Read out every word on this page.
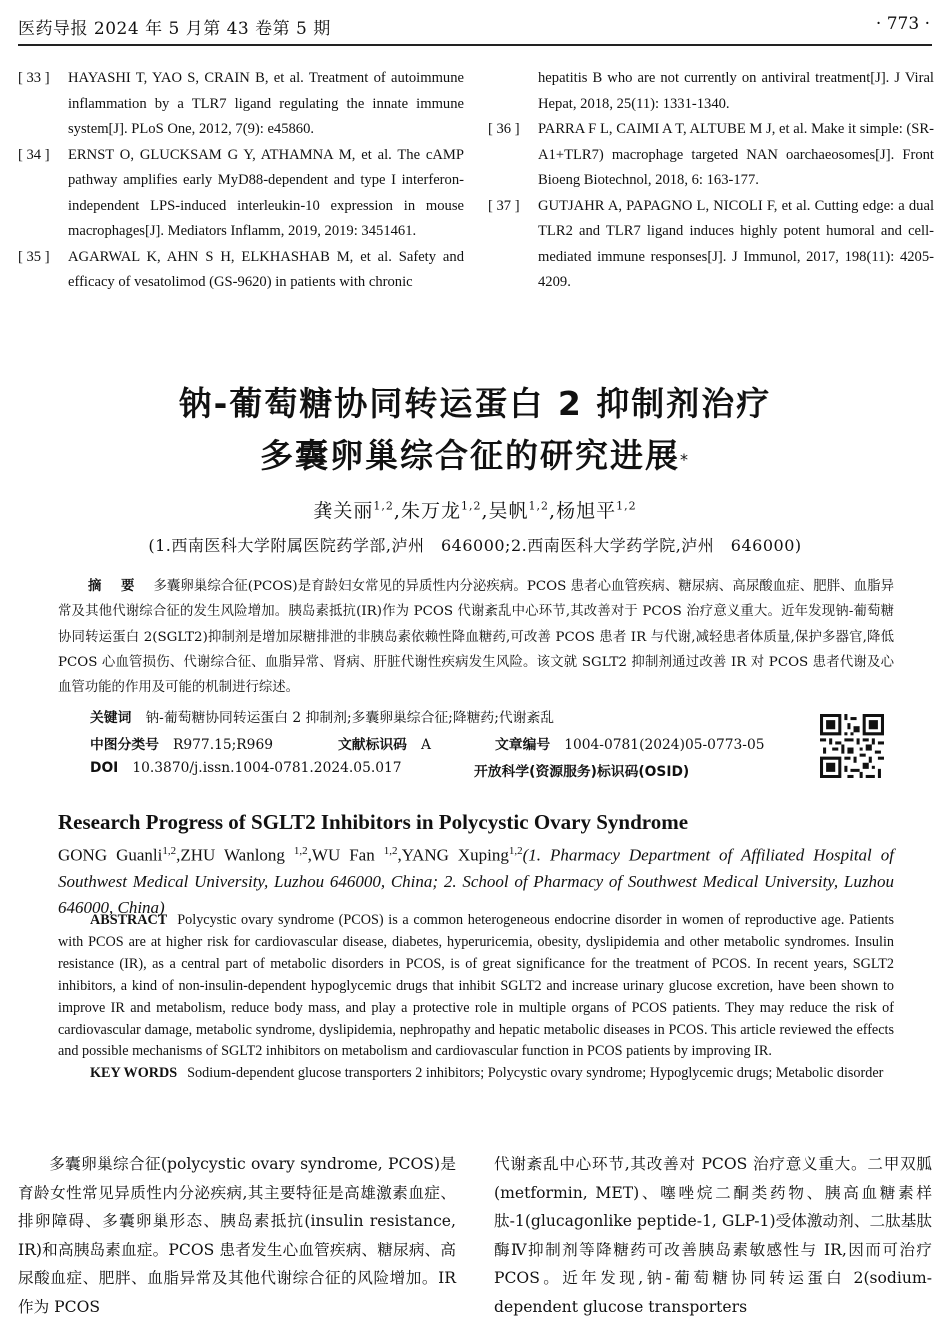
医药导报 2024 年 5 月第 43 卷第 5 期	· 773 ·
[ 33 ]	HAYASHI T, YAO S, CRAIN B, et al. Treatment of autoimmune inflammation by a TLR7 ligand regulating the innate immune system[J]. PLoS One, 2012, 7(9): e45860.
[ 34 ]	ERNST O, GLUCKSAM G Y, ATHAMNA M, et al. The cAMP pathway amplifies early MyD88-dependent and type I interferon-independent LPS-induced interleukin-10 expression in mouse macrophages[J]. Mediators Inflamm, 2019, 2019: 3451461.
[ 35 ]	AGARWAL K, AHN S H, ELKHASHAB M, et al. Safety and efficacy of vesatolimod (GS-9620) in patients with chronic
hepatitis B who are not currently on antiviral treatment[J]. J Viral Hepat, 2018, 25(11): 1331-1340.
[ 36 ]	PARRA F L, CAIMI A T, ALTUBE M J, et al. Make it simple: (SR-A1+TLR7) macrophage targeted NAN oarchaeosomes[J]. Front Bioeng Biotechnol, 2018, 6: 163-177.
[ 37 ]	GUTJAHR A, PAPAGNO L, NICOLI F, et al. Cutting edge: a dual TLR2 and TLR7 ligand induces highly potent humoral and cell-mediated immune responses[J]. J Immunol, 2017, 198(11): 4205-4209.
钠-葡萄糖协同转运蛋白 2 抑制剂治疗
多囊卵巢综合征的研究进展*
龚关丽$^{1,2}$,朱万龙$^{1,2}$,吴帆$^{1,2}$,杨旭平$^{1,2}$
(1.西南医科大学附属医院药学部,泸州　646000;2.西南医科大学药学院,泸州　646000)
摘　要 多囊卵巢综合征(PCOS)是育龄妇女常见的异质性内分泌疾病。PCOS 患者心血管疾病、糖尿病、高尿酸血症、肥胖、血脂异常及其他代谢综合征的发生风险增加。胰岛素抵抗(IR)作为 PCOS 代谢紊乱中心环节,其改善对于 PCOS 治疗意义重大。近年发现钠-葡萄糖协同转运蛋白 2(SGLT2)抑制剂是增加尿糖排泄的非胰岛素依赖性降血糖药,可改善 PCOS 患者 IR 与代谢,减轻患者体质量,保护多器官,降低 PCOS 心血管损伤、代谢综合征、血脂异常、肾病、肝脏代谢性疾病发生风险。该文就 SGLT2 抑制剂通过改善 IR 对 PCOS 患者代谢及心血管功能的作用及可能的机制进行综述。
关键词 钠-葡萄糖协同转运蛋白 2 抑制剂;多囊卵巢综合征;降糖药;代谢紊乱
中图分类号 R977.15;R969	文献标识码 A	文章编号 1004-0781(2024)05-0773-05
DOI 10.3870/j.issn.1004-0781.2024.05.017	开放科学(资源服务)标识码(OSID)
Research Progress of SGLT2 Inhibitors in Polycystic Ovary Syndrome
GONG Guanli$^{1,2}$,ZHU Wanlong $^{1,2}$,WU Fan $^{1,2}$,YANG Xuping$^{1,2}$(1. Pharmacy Department of Affiliated Hospital of Southwest Medical University, Luzhou 646000, China; 2. School of Pharmacy of Southwest Medical University, Luzhou 646000, China)
ABSTRACT Polycystic ovary syndrome (PCOS) is a common heterogeneous endocrine disorder in women of reproductive age. Patients with PCOS are at higher risk for cardiovascular disease, diabetes, hyperuricemia, obesity, dyslipidemia and other metabolic syndromes. Insulin resistance (IR), as a central part of metabolic disorders in PCOS, is of great significance for the treatment of PCOS. In recent years, SGLT2 inhibitors, a kind of non-insulin-dependent hypoglycemic drugs that inhibit SGLT2 and increase urinary glucose excretion, have been shown to improve IR and metabolism, reduce body mass, and play a protective role in multiple organs of PCOS patients. They may reduce the risk of cardiovascular damage, metabolic syndrome, dyslipidemia, nephropathy and hepatic metabolic diseases in PCOS. This article reviewed the effects and possible mechanisms of SGLT2 inhibitors on metabolism and cardiovascular function in PCOS patients by improving IR.
KEY WORDS Sodium-dependent glucose transporters 2 inhibitors; Polycystic ovary syndrome; Hypoglycemic drugs; Metabolic disorder
多囊卵巢综合征(polycystic ovary syndrome, PCOS)是育龄女性常见异质性内分泌疾病,其主要特征是高雄激素血症、排卵障碍、多囊卵巢形态、胰岛素抵抗(insulin resistance, IR)和高胰岛素血症。PCOS 患者发生心血管疾病、糖尿病、高尿酸血症、肥胖、血脂异常及其他代谢综合征的风险增加。IR 作为 PCOS
代谢紊乱中心环节,其改善对 PCOS 治疗意义重大。二甲双胍(metformin, MET)、噻唑烷二酮类药物、胰高血糖素样肽-1(glucagonlike peptide-1, GLP-1)受体激动剂、二肽基肽酶Ⅳ抑制剂等降糖药可改善胰岛素敏感性与 IR,因而可治疗 PCOS。近年发现,钠-葡萄糖协同转运蛋白 2(sodium-dependent glucose transporters
